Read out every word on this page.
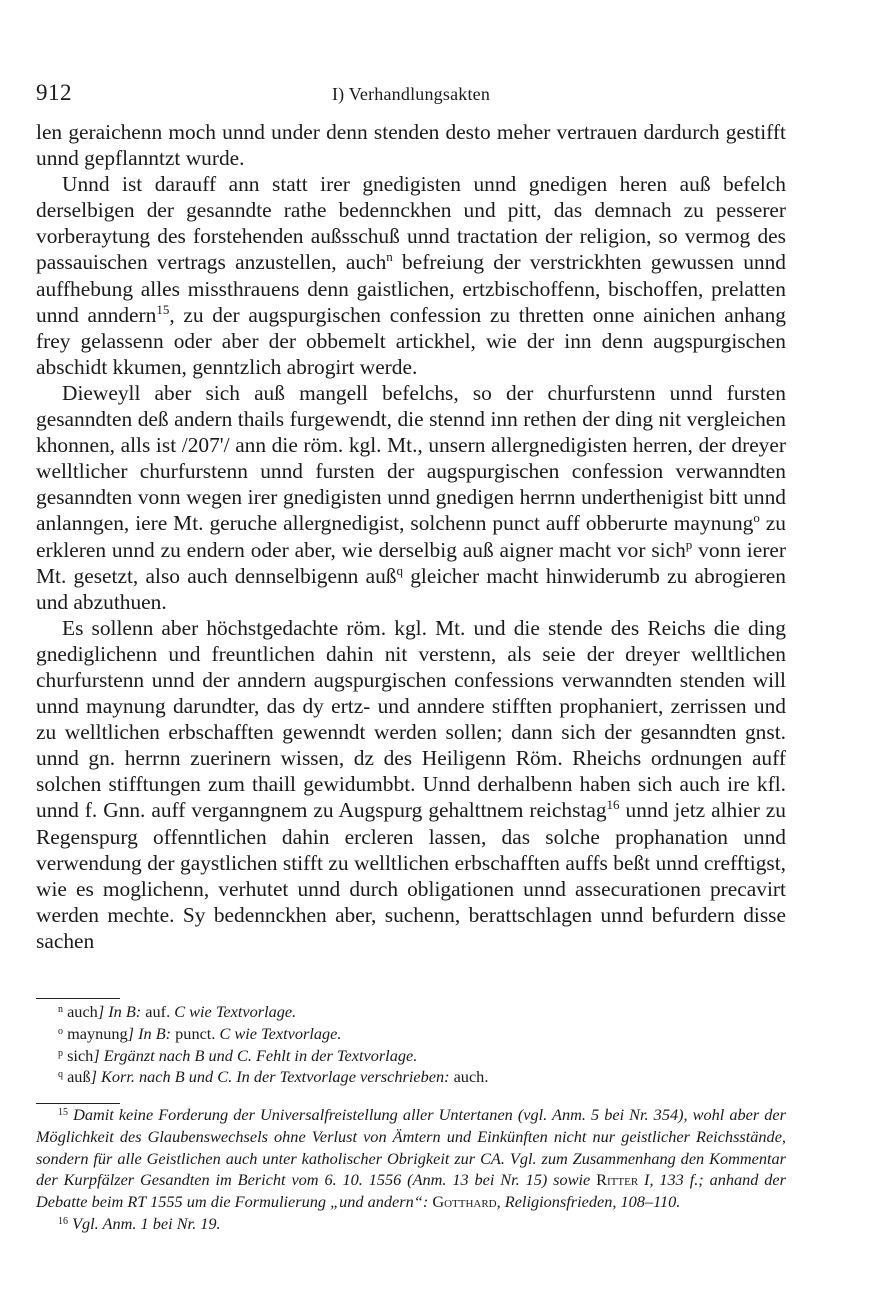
912	I) Verhandlungsakten

len geraichenn moch unnd under denn stenden desto meher vertrauen dardurch gestifft unnd gepflanntzt wurde.

Unnd ist darauff ann statt irer gnedigisten unnd gnedigen heren auß befelch derselbigen der gesanndte rathe bedennckhen und pitt, das demnach zu pesserer vorberaytung des forstehenden außsschuß unnd tractation der religion, so vermog des passauischen vertrags anzustellen, auch$^n$ befreiung der verstrickhten gewussen unnd auffhebung alles missthrauens denn gaistlichen, ertzbischoffenn, bischoffen, prelatten unnd anndern$^{15}$, zu der augspurgischen confession zu thretten onne ainichen anhang frey gelassenn oder aber der obbemelt artickhel, wie der inn denn augspurgischen abschidt kkumen, genntzlich abrogirt werde.

Dieweyll aber sich auß mangell befelchs, so der churfurstenn unnd fursten gesanndten deß andern thails furgewendt, die stennd inn rethen der ding nit vergleichen khonnen, alls ist /207'/ ann die röm. kgl. Mt., unsern allergnedigisten herren, der dreyer welltlicher churfurstenn unnd fursten der augspurgischen confession verwanndten gesanndten vonn wegen irer gnedigisten unnd gnedigen herrnn underthenigist bitt unnd anlanngen, iere Mt. geruche allergnedigist, solchenn punct auff obberurte maynung$^o$ zu erkleren unnd zu endern oder aber, wie derselbig auß aigner macht vor sich$^p$ vonn ierer Mt. gesetzt, also auch dennselbigenn auß$^q$ gleicher macht hinwiderumb zu abrogieren und abzuthuen.

Es sollenn aber höchstgedachte röm. kgl. Mt. und die stende des Reichs die ding gnediglichenn und freuntlichen dahin nit verstenn, als seie der dreyer welltlichen churfurstenn unnd der anndern augspurgischen confessions verwanndten stenden will unnd maynung darundter, das dy ertz- und anndere stifften prophaniert, zerrissen und zu welltlichen erbschafften gewenndt werden sollen; dann sich der gesanndten gnst. unnd gn. herrnn zuerinern wissen, dz des Heiligenn Röm. Rheichs ordnungen auff solchen stifftungen zum thaill gewidumbbt. Unnd derhalbenn haben sich auch ire kfl. unnd f. Gnn. auff verganngnem zu Augspurg gehalttnem reichstag$^{16}$ unnd jetz alhier zu Regenspurg offenntlichen dahin ercleren lassen, das solche prophanation unnd verwendung der gaystlichen stifft zu welltlichen erbschafften auffs beßt unnd crefftigst, wie es moglichenn, verhutet unnd durch obligationen unnd assecurationen precavirt werden mechte. Sy bedennckhen aber, suchenn, berattschlagen unnd befurdern disse sachen

$^n$ auch] In B: auf. C wie Textvorlage.

$^o$ maynung] In B: punct. C wie Textvorlage.

$^p$ sich] Ergänzt nach B und C. Fehlt in der Textvorlage.

$^q$ auß] Korr. nach B und C. In der Textvorlage verschrieben: auch.

$^{15}$ Damit keine Forderung der Universalfreistellung aller Untertanen (vgl. Anm. 5 bei Nr. 354), wohl aber der Möglichkeit des Glaubenswechsels ohne Verlust von Ämtern und Einkünften nicht nur geistlicher Reichsstände, sondern für alle Geistlichen auch unter katholischer Obrigkeit zur CA. Vgl. zum Zusammenhang den Kommentar der Kurpfälzer Gesandten im Bericht vom 6. 10. 1556 (Anm. 13 bei Nr. 15) sowie Ritter I, 133 f.; anhand der Debatte beim RT 1555 um die Formulierung „und andern“: Gotthard, Religionsfrieden, 108–110.

$^{16}$ Vgl. Anm. 1 bei Nr. 19.
